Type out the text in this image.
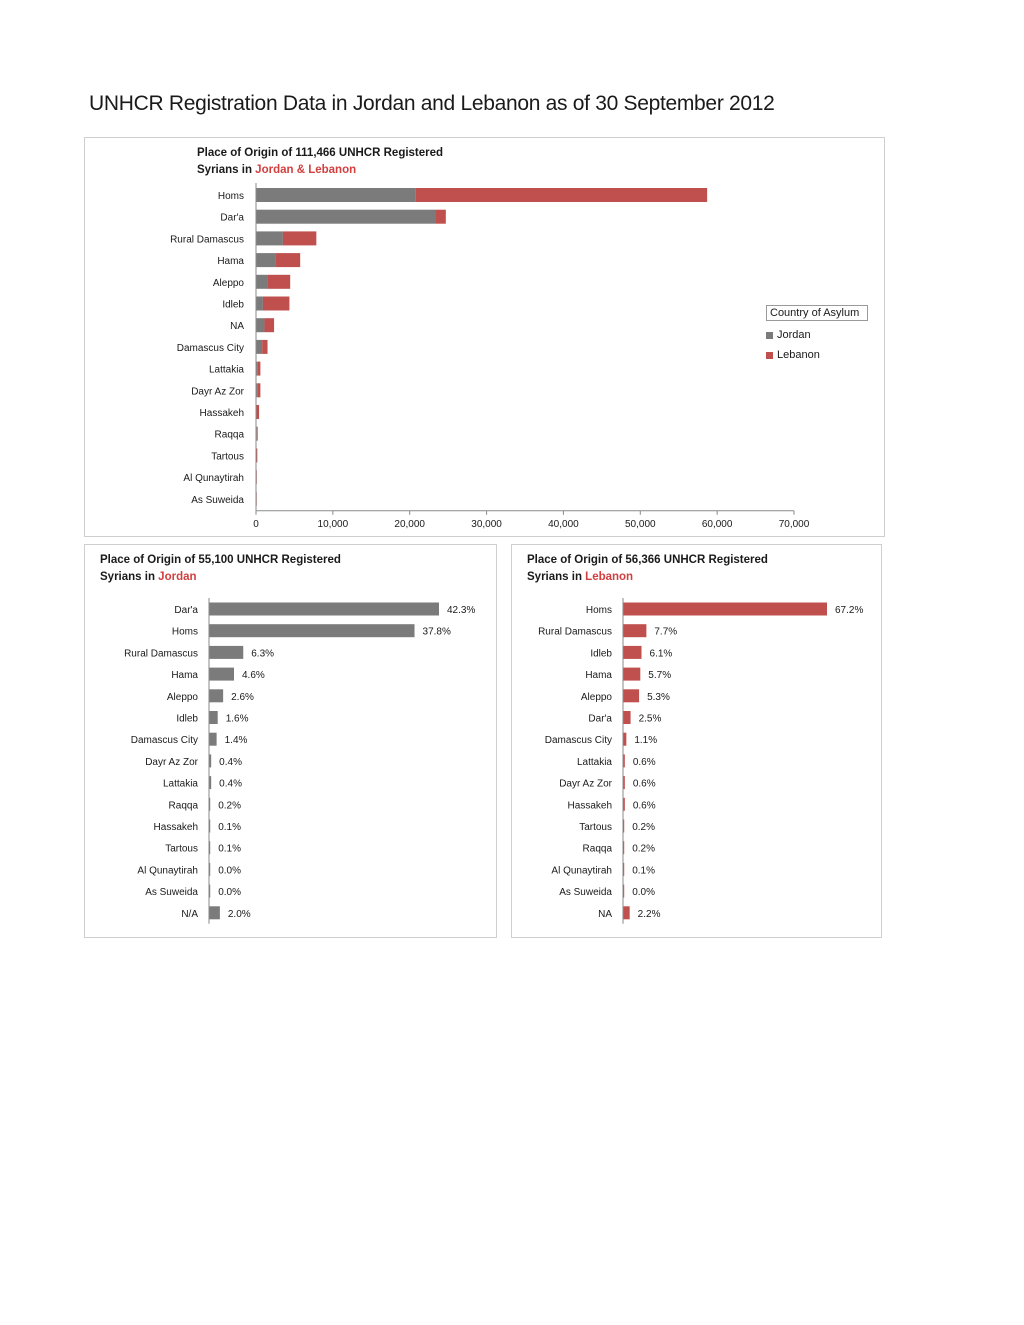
UNHCR Registration Data in Jordan and Lebanon as of 30 September 2012
Place of Origin of 111,466 UNHCR Registered
Syrians in Jordan & Lebanon
Homs
Dar'a
Rural Damascus
Hama
Aleppo
Idleb
NA
Damascus City
Lattakia
Dayr Az Zor
Hassakeh
Raqqa
Tartous
Al Qunaytirah
As Suweida
0	10,000	20,000	30,000	40,000	50,000	60,000	70,000
Country of Asylum
Jordan
Lebanon
Place of Origin of 55,100 UNHCR Registered
Syrians in Jordan
Dar'a	42.3%
Homs	37.8%
Rural Damascus	6.3%
Hama	4.6%
Aleppo	2.6%
Idleb	1.6%
Damascus City	1.4%
Dayr Az Zor 0.4%
Lattakia 0.4%
Raqqa 0.2%
Hassakeh 0.1%
Tartous 0.1%
Al Qunaytirah 0.0%
As Suweida 0.0%
N/A	2.0%
Place of Origin of 56,366 UNHCR Registered
Syrians in Lebanon
Homs	67.2%
Rural Damascus	7.7%
Idleb	6.1%
Hama	5.7%
Aleppo	5.3%
Dar'a	2.5%
Damascus City 1.1%
Lattakia 0.6%
Dayr Az Zor 0.6%
Hassakeh 0.6%
Tartous 0.2%
Raqqa 0.2%
Al Qunaytirah 0.1%
As Suweida 0.0%
NA	2.2%
